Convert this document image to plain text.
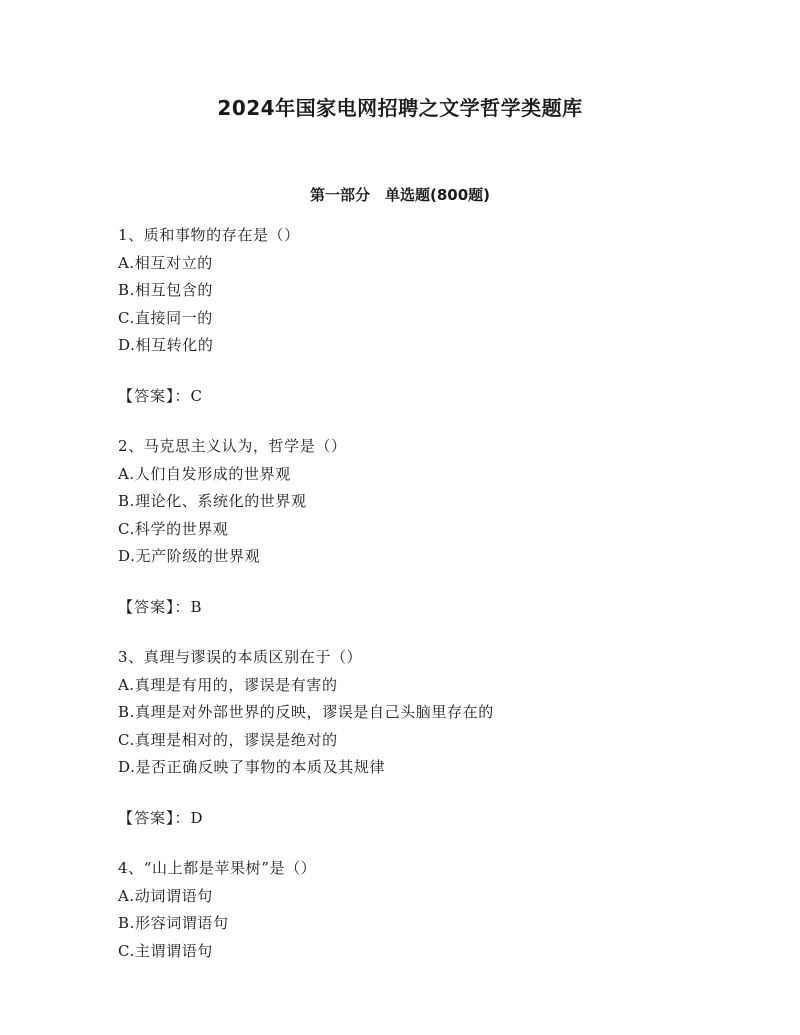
2024年国家电网招聘之文学哲学类题库
第一部分　单选题(800题)
1、质和事物的存在是（）
A.相互对立的
B.相互包含的
C.直接同一的
D.相互转化的
【答案】：C
2、马克思主义认为，哲学是（）
A.人们自发形成的世界观
B.理论化、系统化的世界观
C.科学的世界观
D.无产阶级的世界观
【答案】：B
3、真理与谬误的本质区别在于（）
A.真理是有用的，谬误是有害的
B.真理是对外部世界的反映，谬误是自己头脑里存在的
C.真理是相对的，谬误是绝对的
D.是否正确反映了事物的本质及其规律
【答案】：D
4、“山上都是苹果树”是（）
A.动词谓语句
B.形容词谓语句
C.主谓谓语句
